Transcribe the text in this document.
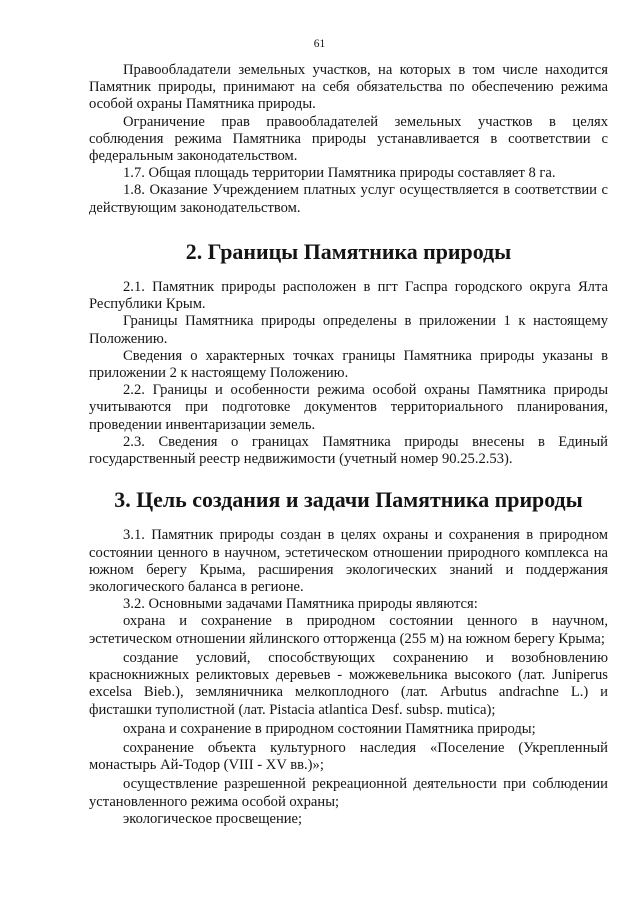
61

Правообладатели земельных участков, на которых в том числе находится Памятник природы, принимают на себя обязательства по обеспечению режима особой охраны Памятника природы.

Ограничение прав правообладателей земельных участков в целях соблюдения режима Памятника природы устанавливается в соответствии с федеральным законодательством.

1.7. Общая площадь территории Памятника природы составляет 8 га.

1.8. Оказание Учреждением платных услуг осуществляется в соответствии с действующим законодательством.

2. Границы Памятника природы

2.1. Памятник природы расположен в пгт Гаспра городского округа Ялта Республики Крым.

Границы Памятника природы определены в приложении 1 к настоящему Положению.

Сведения о характерных точках границы Памятника природы указаны в приложении 2 к настоящему Положению.

2.2. Границы и особенности режима особой охраны Памятника природы учитываются при подготовке документов территориального планирования, проведении инвентаризации земель.

2.3. Сведения о границах Памятника природы внесены в Единый государственный реестр недвижимости (учетный номер 90.25.2.53).

3. Цель создания и задачи Памятника природы

3.1. Памятник природы создан в целях охраны и сохранения в природном состоянии ценного в научном, эстетическом отношении природного комплекса на южном берегу Крыма, расширения экологических знаний и поддержания экологического баланса в регионе.

3.2. Основными задачами Памятника природы являются:

охрана и сохранение в природном состоянии ценного в научном, эстетическом отношении яйлинского отторженца (255 м) на южном берегу Крыма;

создание условий, способствующих сохранению и возобновлению краснокнижных реликтовых деревьев - можжевельника высокого (лат. Juniperus excelsa Bieb.), земляничника мелкоплодного (лат. Arbutus andrachne L.) и фисташки туполистной (лат. Pistacia atlantica Desf. subsp. mutica);

охрана и сохранение в природном состоянии Памятника природы;

сохранение объекта культурного наследия «Поселение (Укрепленный монастырь Ай-Тодор (VIII - XV вв.)»;

осуществление разрешенной рекреационной деятельности при соблюдении установленного режима особой охраны;

экологическое просвещение;
